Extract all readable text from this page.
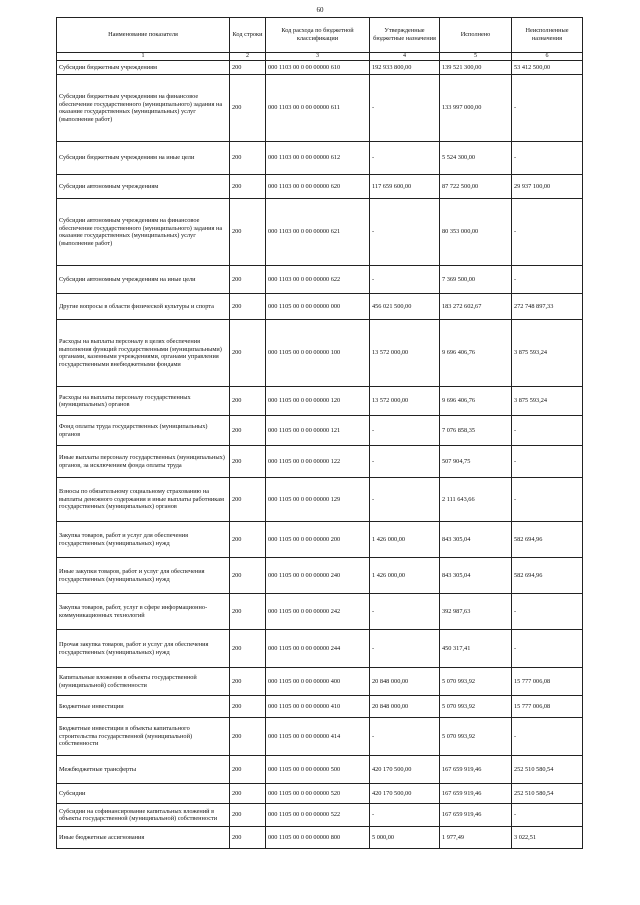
60
Наименование показателя	Код строки	Код расхода по бюджетной классификации	Утвержденные бюджетные назначения	Исполнено	Неисполненные назначения
1	2	3	4	5	6
Субсидии бюджетным учреждениям	200	000 1103 00 0 00 00000 610	192 933 800,00	139 521 300,00	53 412 500,00
Субсидии бюджетным учреждениям на финансовое обеспечение государственного (муниципального) задания на оказание государственных (муниципальных) услуг (выполнение работ)	200	000 1103 00 0 00 00000 611	-	133 997 000,00	-
Субсидии бюджетным учреждениям на иные цели	200	000 1103 00 0 00 00000 612	-	5 524 300,00	-
Субсидии автономным учреждениям	200	000 1103 00 0 00 00000 620	117 659 600,00	87 722 500,00	29 937 100,00
Субсидии автономным учреждениям на финансовое обеспечение государственного (муниципального) задания на оказание государственных (муниципальных) услуг (выполнение работ)	200	000 1103 00 0 00 00000 621	-	80 353 000,00	-
Субсидии автономным учреждениям на иные цели	200	000 1103 00 0 00 00000 622	-	7 369 500,00	-
Другие вопросы в области физической культуры и спорта	200	000 1105 00 0 00 00000 000	456 021 500,00	183 272 602,67	272 748 897,33
Расходы на выплаты персоналу в целях обеспечения выполнения функций государственными (муниципальными) органами, казенными учреждениями, органами управления государственными внебюджетными фондами	200	000 1105 00 0 00 00000 100	13 572 000,00	9 696 406,76	3 875 593,24
Расходы на выплаты персоналу государственных (муниципальных) органов	200	000 1105 00 0 00 00000 120	13 572 000,00	9 696 406,76	3 875 593,24
Фонд оплаты труда государственных (муниципальных) органов	200	000 1105 00 0 00 00000 121	-	7 076 858,35	-
Иные выплаты персоналу государственных (муниципальных) органов, за исключением фонда оплаты труда	200	000 1105 00 0 00 00000 122	-	507 904,75	-
Взносы по обязательному социальному страхованию на выплаты денежного содержания и иные выплаты работникам государственных (муниципальных) органов	200	000 1105 00 0 00 00000 129	-	2 111 643,66	-
Закупка товаров, работ и услуг для обеспечения государственных (муниципальных) нужд	200	000 1105 00 0 00 00000 200	1 426 000,00	843 305,04	582 694,96
Иные закупки товаров, работ и услуг для обеспечения государственных (муниципальных) нужд	200	000 1105 00 0 00 00000 240	1 426 000,00	843 305,04	582 694,96
Закупка товаров, работ, услуг в сфере информационно-коммуникационных технологий	200	000 1105 00 0 00 00000 242	-	392 987,63	-
Прочая закупка товаров, работ и услуг для обеспечения государственных (муниципальных) нужд	200	000 1105 00 0 00 00000 244	-	450 317,41	-
Капитальные вложения в объекты государственной (муниципальной) собственности	200	000 1105 00 0 00 00000 400	20 848 000,00	5 070 993,92	15 777 006,08
Бюджетные инвестиции	200	000 1105 00 0 00 00000 410	20 848 000,00	5 070 993,92	15 777 006,08
Бюджетные инвестиции в объекты капитального строительства государственной (муниципальной) собственности	200	000 1105 00 0 00 00000 414	-	5 070 993,92	-
Межбюджетные трансферты	200	000 1105 00 0 00 00000 500	420 170 500,00	167 659 919,46	252 510 580,54
Субсидии	200	000 1105 00 0 00 00000 520	420 170 500,00	167 659 919,46	252 510 580,54
Субсидии на софинансирование капитальных вложений в объекты государственной (муниципальной) собственности	200	000 1105 00 0 00 00000 522	-	167 659 919,46	-
Иные бюджетные ассигнования	200	000 1105 00 0 00 00000 800	5 000,00	1 977,49	3 022,51
